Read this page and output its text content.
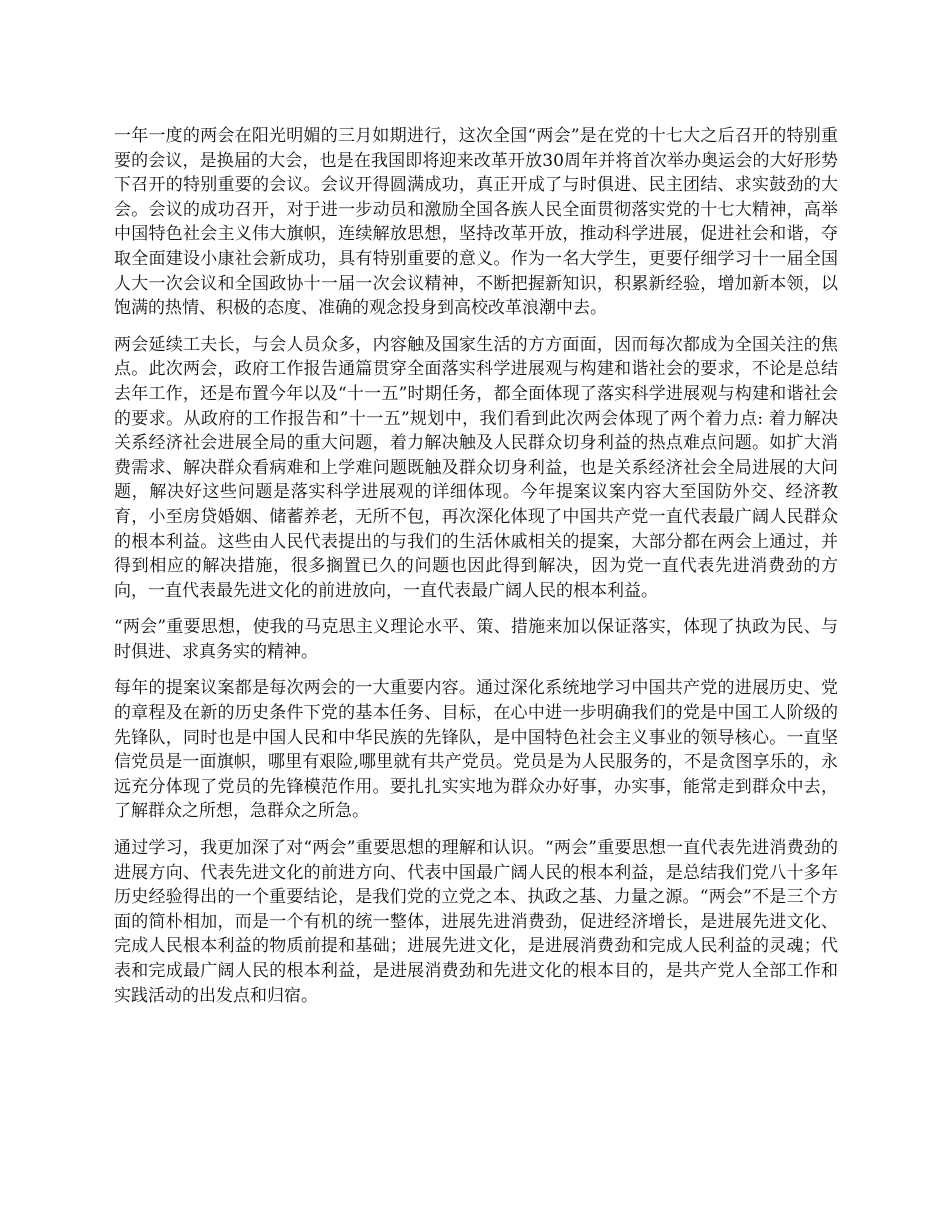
一年一度的两会在阳光明媚的三月如期进行，这次全国“两会”是在党的十七大之后召开的特别重要的会议，是换届的大会，也是在我国即将迎来改革开放30周年并将首次举办奥运会的大好形势下召开的特别重要的会议。会议开得圆满成功，真正开成了与时俱进、民主团结、求实鼓劲的大会。会议的成功召开，对于进一步动员和激励全国各族人民全面贯彻落实党的十七大精神，高举中国特色社会主义伟大旗帜，连续解放思想，坚持改革开放，推动科学进展，促进社会和谐，夺取全面建设小康社会新成功，具有特别重要的意义。作为一名大学生，更要仔细学习十一届全国人大一次会议和全国政协十一届一次会议精神，不断把握新知识，积累新经验，增加新本领，以饱满的热情、积极的态度、准确的观念投身到高校改革浪潮中去。

两会延续工夫长，与会人员众多，内容触及国家生活的方方面面，因而每次都成为全国关注的焦点。此次两会，政府工作报告通篇贯穿全面落实科学进展观与构建和谐社会的要求，不论是总结去年工作，还是布置今年以及“十一五”时期任务，都全面体现了落实科学进展观与构建和谐社会的要求。从政府的工作报告和”十一五”规划中，我们看到此次两会体现了两个着力点: 着力解决关系经济社会进展全局的重大问题，着力解决触及人民群众切身利益的热点难点问题。如扩大消费需求、解决群众看病难和上学难问题既触及群众切身利益，也是关系经济社会全局进展的大问题，解决好这些问题是落实科学进展观的详细体现。今年提案议案内容大至国防外交、经济教育，小至房贷婚姻、储蓄养老，无所不包，再次深化体现了中国共产党一直代表最广阔人民群众的根本利益。这些由人民代表提出的与我们的生活休戚相关的提案，大部分都在两会上通过，并得到相应的解决措施，很多搁置已久的问题也因此得到解决，因为党一直代表先进消费劲的方向，一直代表最先进文化的前进放向，一直代表最广阔人民的根本利益。

“两会”重要思想，使我的马克思主义理论水平、策、措施来加以保证落实，体现了执政为民、与时俱进、求真务实的精神。

每年的提案议案都是每次两会的一大重要内容。通过深化系统地学习中国共产党的进展历史、党的章程及在新的历史条件下党的基本任务、目标，在心中进一步明确我们的党是中国工人阶级的先锋队，同时也是中国人民和中华民族的先锋队，是中国特色社会主义事业的领导核心。一直坚信党员是一面旗帜，哪里有艰险,哪里就有共产党员。党员是为人民服务的，不是贪图享乐的，永远充分体现了党员的先锋模范作用。要扎扎实实地为群众办好事，办实事，能常走到群众中去，了解群众之所想，急群众之所急。

通过学习，我更加深了对“两会”重要思想的理解和认识。“两会”重要思想一直代表先进消费劲的进展方向、代表先进文化的前进方向、代表中国最广阔人民的根本利益，是总结我们党八十多年历史经验得出的一个重要结论，是我们党的立党之本、执政之基、力量之源。“两会”不是三个方面的简朴相加，而是一个有机的统一整体，进展先进消费劲，促进经济增长，是进展先进文化、完成人民根本利益的物质前提和基础；进展先进文化，是进展消费劲和完成人民利益的灵魂；代表和完成最广阔人民的根本利益，是进展消费劲和先进文化的根本目的，是共产党人全部工作和实践活动的出发点和归宿。
